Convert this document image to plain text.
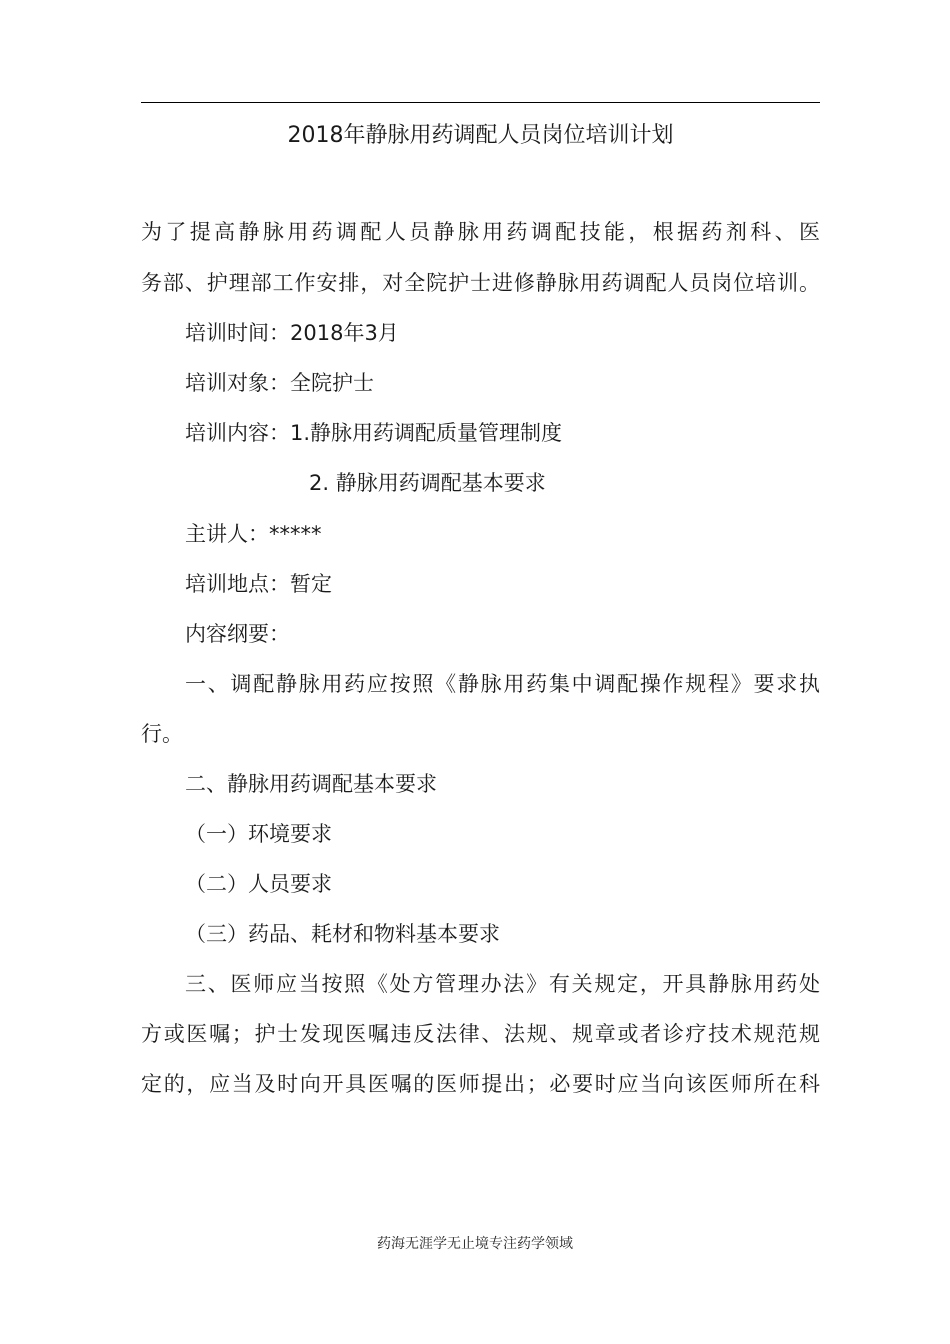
2018年静脉用药调配人员岗位培训计划
为了提高静脉用药调配人员静脉用药调配技能，根据药剂科、医
务部、护理部工作安排，对全院护士进修静脉用药调配人员岗位培训。
培训时间：2018年3月
培训对象：全院护士
培训内容：1.静脉用药调配质量管理制度
2. 静脉用药调配基本要求
主讲人：*****
培训地点：暂定
内容纲要：
一、调配静脉用药应按照《静脉用药集中调配操作规程》要求执
行。
二、静脉用药调配基本要求
（一）环境要求
（二）人员要求
（三）药品、耗材和物料基本要求
三、医师应当按照《处方管理办法》有关规定，开具静脉用药处
方或医嘱；护士发现医嘱违反法律、法规、规章或者诊疗技术规范规
定的，应当及时向开具医嘱的医师提出；必要时应当向该医师所在科
药海无涯学无止境专注药学领域
